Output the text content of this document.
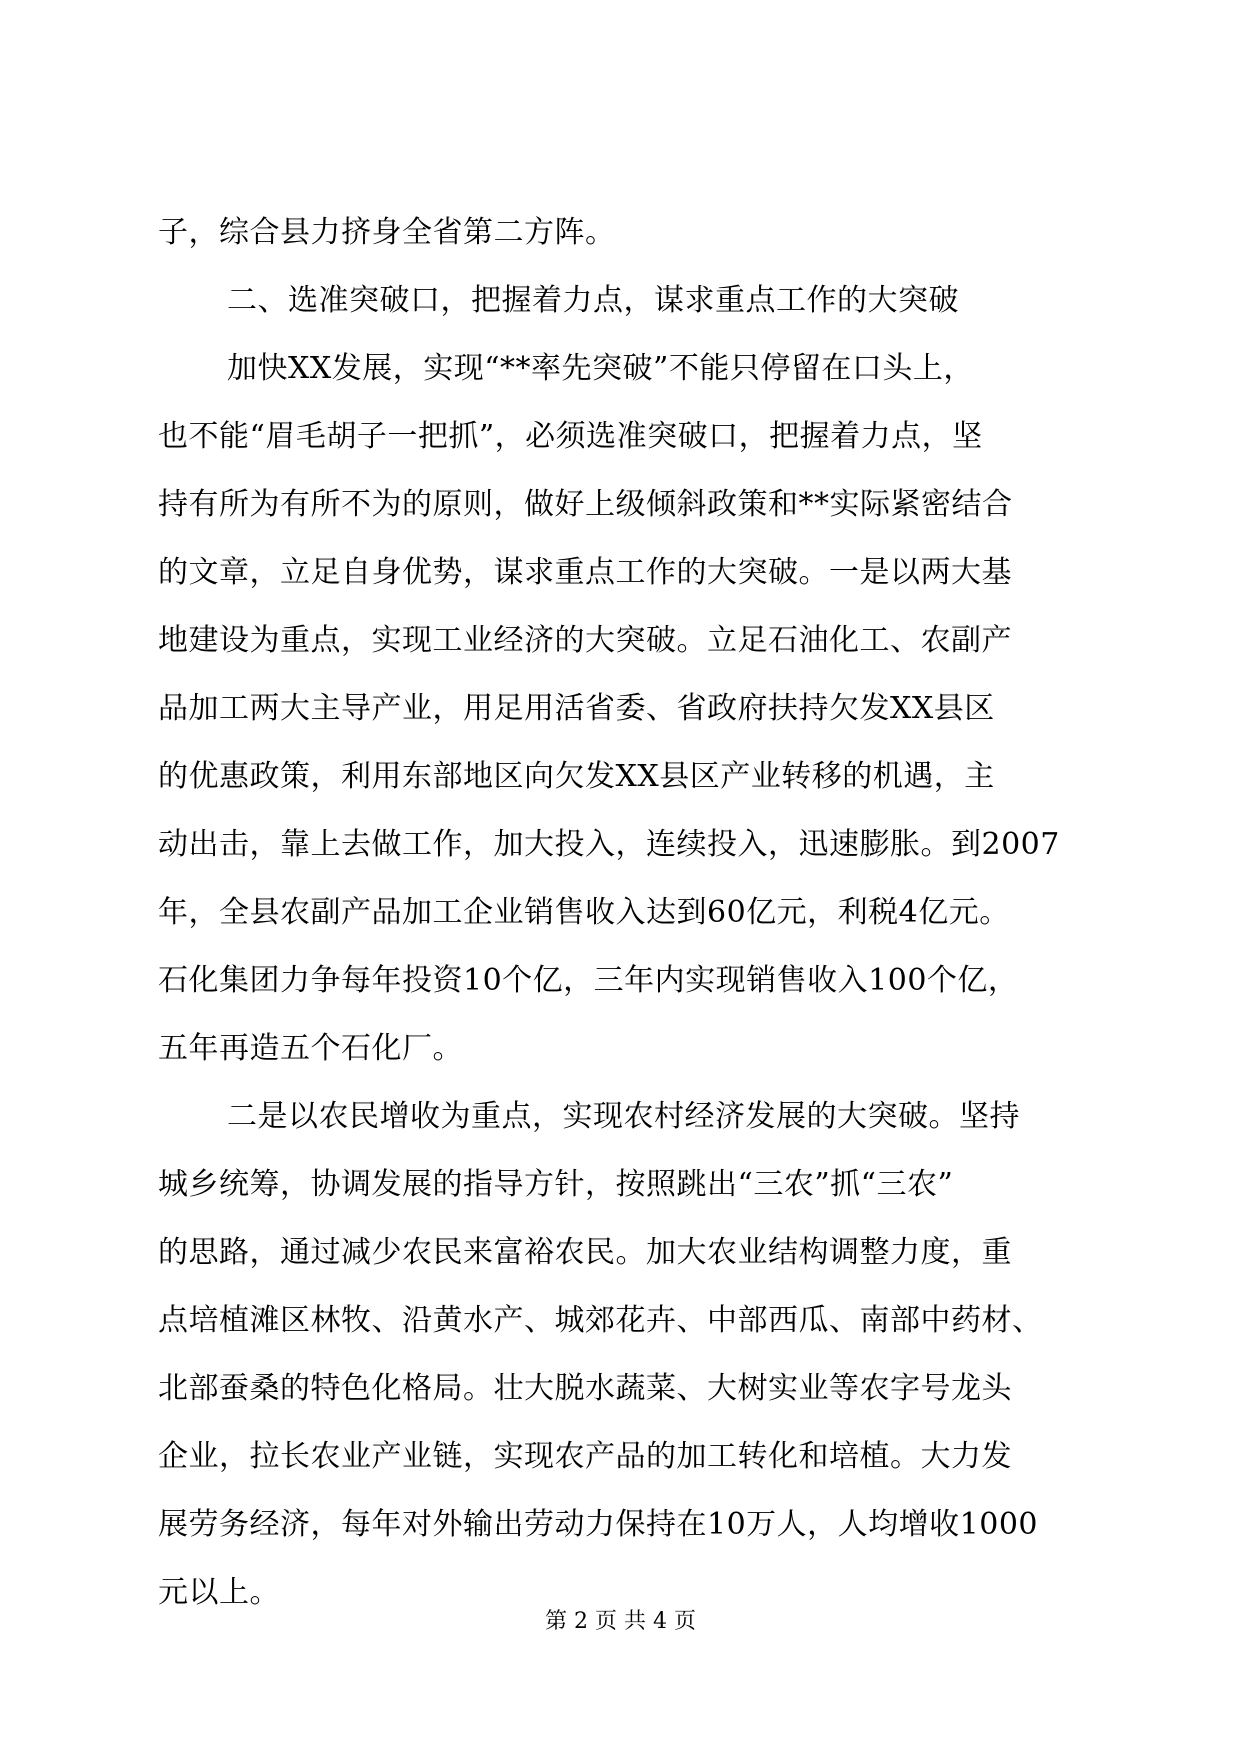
子，综合县力挤身全省第二方阵。
二、选准突破口，把握着力点，谋求重点工作的大突破
加快XX发展，实现“**率先突破”不能只停留在口头上，
也不能“眉毛胡子一把抓”，必须选准突破口，把握着力点，坚
持有所为有所不为的原则，做好上级倾斜政策和**实际紧密结合
的文章，立足自身优势，谋求重点工作的大突破。一是以两大基
地建设为重点，实现工业经济的大突破。立足石油化工、农副产
品加工两大主导产业，用足用活省委、省政府扶持欠发XX县区
的优惠政策，利用东部地区向欠发XX县区产业转移的机遇，主
动出击，靠上去做工作，加大投入，连续投入，迅速膨胀。到2007
年，全县农副产品加工企业销售收入达到60亿元，利税4亿元。
石化集团力争每年投资10个亿，三年内实现销售收入100个亿，
五年再造五个石化厂。
二是以农民增收为重点，实现农村经济发展的大突破。坚持
城乡统筹，协调发展的指导方针，按照跳出“三农”抓“三农”
的思路，通过减少农民来富裕农民。加大农业结构调整力度，重
点培植滩区林牧、沿黄水产、城郊花卉、中部西瓜、南部中药材、
北部蚕桑的特色化格局。壮大脱水蔬菜、大树实业等农字号龙头
企业，拉长农业产业链，实现农产品的加工转化和培植。大力发
展劳务经济，每年对外输出劳动力保持在10万人，人均增收1000
元以上。
第 2 页 共 4 页
